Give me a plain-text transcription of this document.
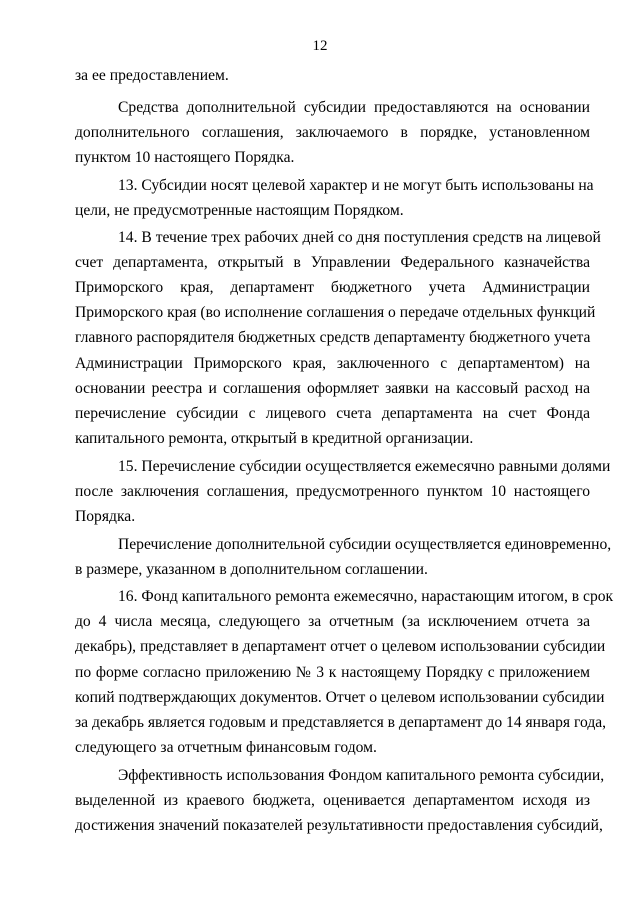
12
за ее предоставлением.
Средства дополнительной субсидии предоставляются на основании
дополнительного соглашения, заключаемого в порядке, установленном
пунктом 10 настоящего Порядка.
13. Субсидии носят целевой характер и не могут быть использованы на
цели, не предусмотренные настоящим Порядком.
14. В течение трех рабочих дней со дня поступления средств на лицевой
счет департамента, открытый в Управлении Федерального казначейства
Приморского края, департамент бюджетного учета Администрации
Приморского края (во исполнение соглашения о передаче отдельных функций
главного распорядителя бюджетных средств департаменту бюджетного учета
Администрации Приморского края, заключенного с департаментом) на
основании реестра и соглашения оформляет заявки на кассовый расход на
перечисление субсидии с лицевого счета департамента на счет Фонда
капитального ремонта, открытый в кредитной организации.
15. Перечисление субсидии осуществляется ежемесячно равными долями
после заключения соглашения, предусмотренного пунктом 10 настоящего
Порядка.
Перечисление дополнительной субсидии осуществляется единовременно,
в размере, указанном в дополнительном соглашении.
16. Фонд капитального ремонта ежемесячно, нарастающим итогом, в срок
до 4 числа месяца, следующего за отчетным (за исключением отчета за
декабрь), представляет в департамент отчет о целевом использовании субсидии
по форме согласно приложению № 3 к настоящему Порядку с приложением
копий подтверждающих документов. Отчет о целевом использовании субсидии
за декабрь является годовым и представляется в департамент до 14 января года,
следующего за отчетным финансовым годом.
Эффективность использования Фондом капитального ремонта субсидии,
выделенной из краевого бюджета, оценивается департаментом исходя из
достижения значений показателей результативности предоставления субсидий,
